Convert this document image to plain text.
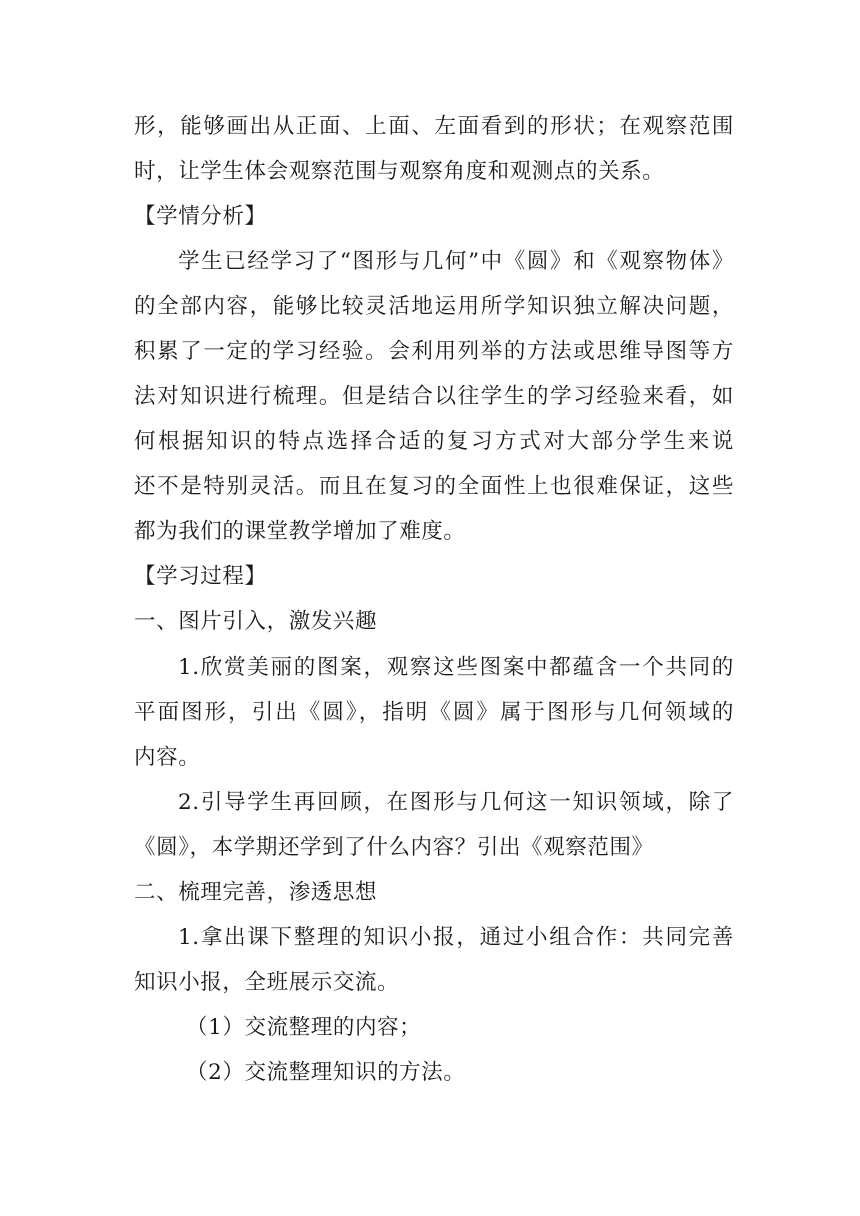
形，能够画出从正面、上面、左面看到的形状；在观察范围
时，让学生体会观察范围与观察角度和观测点的关系。
【学情分析】
学生已经学习了“图形与几何”中《圆》和《观察物体》
的全部内容，能够比较灵活地运用所学知识独立解决问题，
积累了一定的学习经验。会利用列举的方法或思维导图等方
法对知识进行梳理。但是结合以往学生的学习经验来看，如
何根据知识的特点选择合适的复习方式对大部分学生来说
还不是特别灵活。而且在复习的全面性上也很难保证，这些
都为我们的课堂教学增加了难度。
【学习过程】
一、图片引入，激发兴趣
1.欣赏美丽的图案，观察这些图案中都蕴含一个共同的
平面图形，引出《圆》，指明《圆》属于图形与几何领域的
内容。
2.引导学生再回顾，在图形与几何这一知识领域，除了
《圆》，本学期还学到了什么内容？引出《观察范围》
二、梳理完善，渗透思想
1.拿出课下整理的知识小报，通过小组合作：共同完善
知识小报，全班展示交流。
（1）交流整理的内容；
（2）交流整理知识的方法。
